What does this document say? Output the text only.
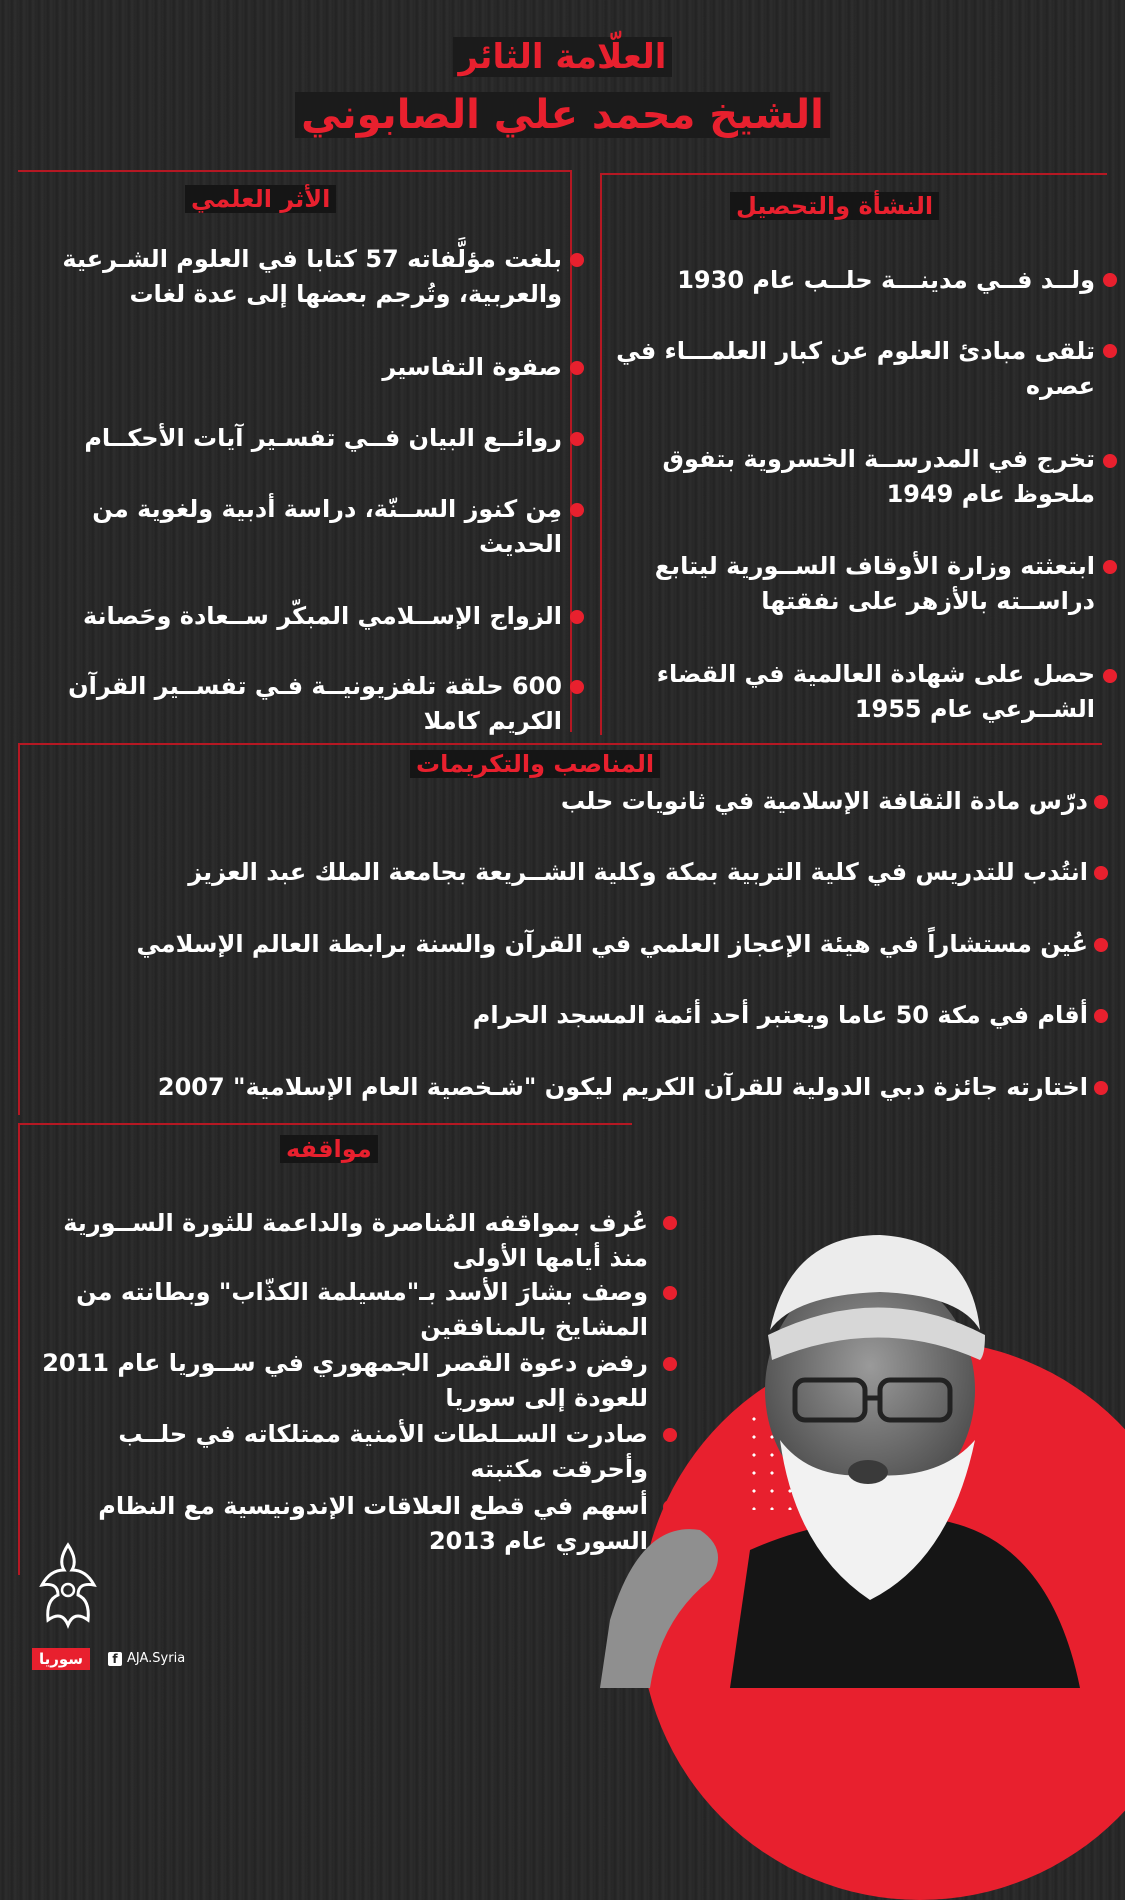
العلّامة الثائر
الشيخ محمد علي الصابوني
النشأة والتحصيل
الأثر العلمي
المناصب والتكريمات
مواقفه
ولــد فــي مدينـــة حلــب عام 1930
تلقى مبادئ العلوم عن كبار العلمـــاء في عصره
تخرج في المدرســة الخسروية بتفوق ملحوظ عام 1949
ابتعثته وزارة الأوقاف الســورية ليتابع دراســته بالأزهر على نفقتها
حصل على شهادة العالمية في القضاء الشــرعي عام 1955
بلغت مؤلَّفاته 57 كتابا في العلوم الشـرعية والعربية، وتُرجم بعضها إلى عدة لغات
صفوة التفاسير
روائــع البيان فــي تفسـير آيات الأحكــام
مِن كنوز الســنّة، دراسة أدبية ولغوية من الحديث
الزواج الإســلامي المبكّر ســعادة وحَصانة
600 حلقة تلفزيونيــة فـي تفســير القرآن الكريم كاملا
درّس مادة الثقافة الإسلامية في ثانويات حلب
انتُدب للتدريس في كلية التربية بمكة وكلية الشــريعة بجامعة الملك عبد العزيز
عُين مستشاراً في هيئة الإعجاز العلمي في القرآن والسنة برابطة العالم الإسلامي
أقام في مكة 50 عاما ويعتبر أحد أئمة المسجد الحرام
اختارته جائزة دبي الدولية للقرآن الكريم ليكون "شـخصية العام الإسلامية" 2007
عُرف بمواقفه المُناصرة والداعمة للثورة الســورية منذ أيامها الأولى
وصف بشارَ الأسد بـ"مسيلمة الكذّاب" وبطانته من المشايخ بالمنافقين
رفض دعوة القصر الجمهوري في ســوريا عام 2011 للعودة إلى سوريا
صادرت الســلطات الأمنية ممتلكاته في حلــب وأحرقت مكتبته
أسهم في قطع العلاقات الإندونيسية مع النظام السوري عام 2013
سوريا	f AJA.Syria
